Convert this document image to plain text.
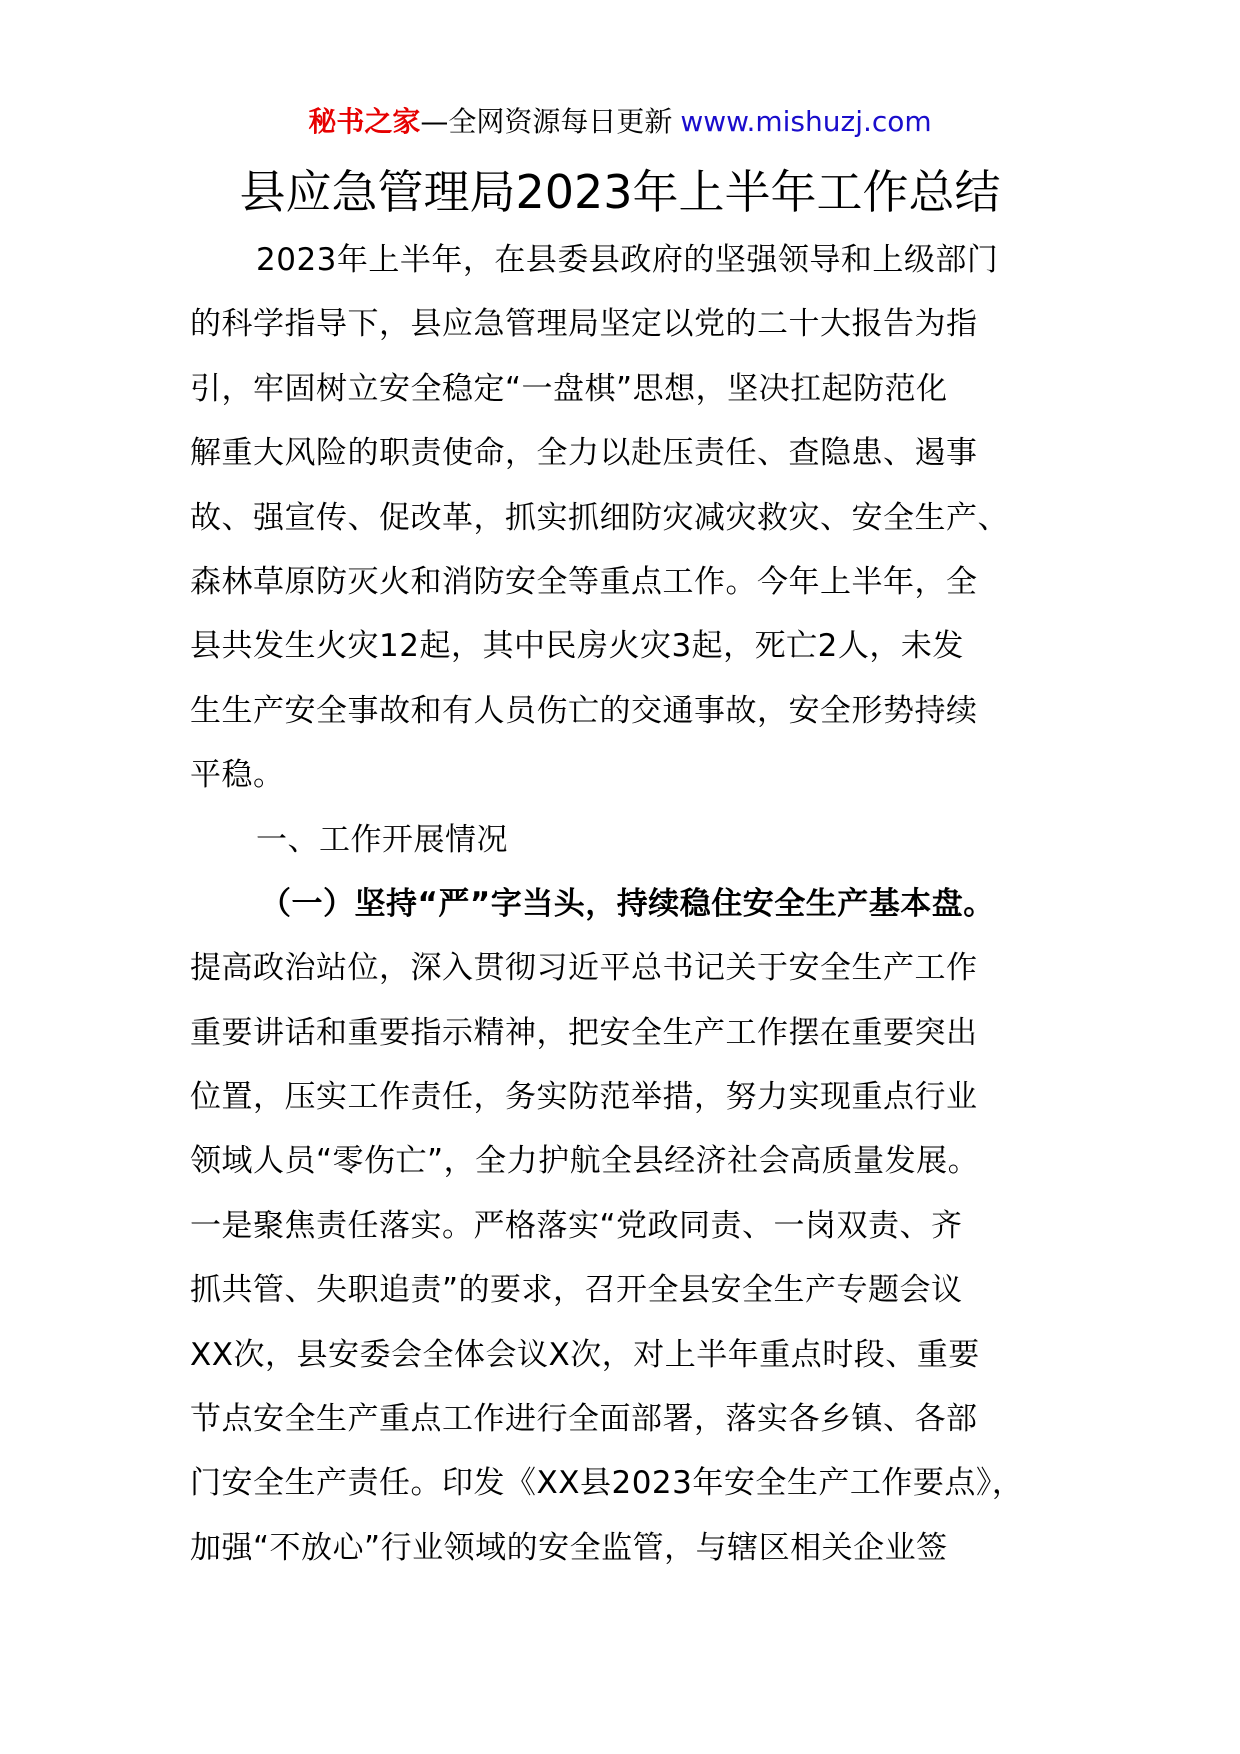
秘书之家—全网资源每日更新 www.mishuzj.com
县应急管理局2023年上半年工作总结
2023年上半年，在县委县政府的坚强领导和上级部门
的科学指导下，县应急管理局坚定以党的二十大报告为指
引，牢固树立安全稳定“一盘棋”思想，坚决扛起防范化
解重大风险的职责使命，全力以赴压责任、查隐患、遏事
故、强宣传、促改革，抓实抓细防灾减灾救灾、安全生产、
森林草原防灭火和消防安全等重点工作。今年上半年，全
县共发生火灾12起，其中民房火灾3起，死亡2人，未发
生生产安全事故和有人员伤亡的交通事故，安全形势持续
平稳。
一、工作开展情况
（一）坚持“严”字当头，持续稳住安全生产基本盘。
提高政治站位，深入贯彻习近平总书记关于安全生产工作
重要讲话和重要指示精神，把安全生产工作摆在重要突出
位置，压实工作责任，务实防范举措，努力实现重点行业
领域人员“零伤亡”，全力护航全县经济社会高质量发展。
一是聚焦责任落实。严格落实“党政同责、一岗双责、齐
抓共管、失职追责”的要求，召开全县安全生产专题会议
XX次，县安委会全体会议X次，对上半年重点时段、重要
节点安全生产重点工作进行全面部署，落实各乡镇、各部
门安全生产责任。印发《XX县2023年安全生产工作要点》，
加强“不放心”行业领域的安全监管，与辖区相关企业签
